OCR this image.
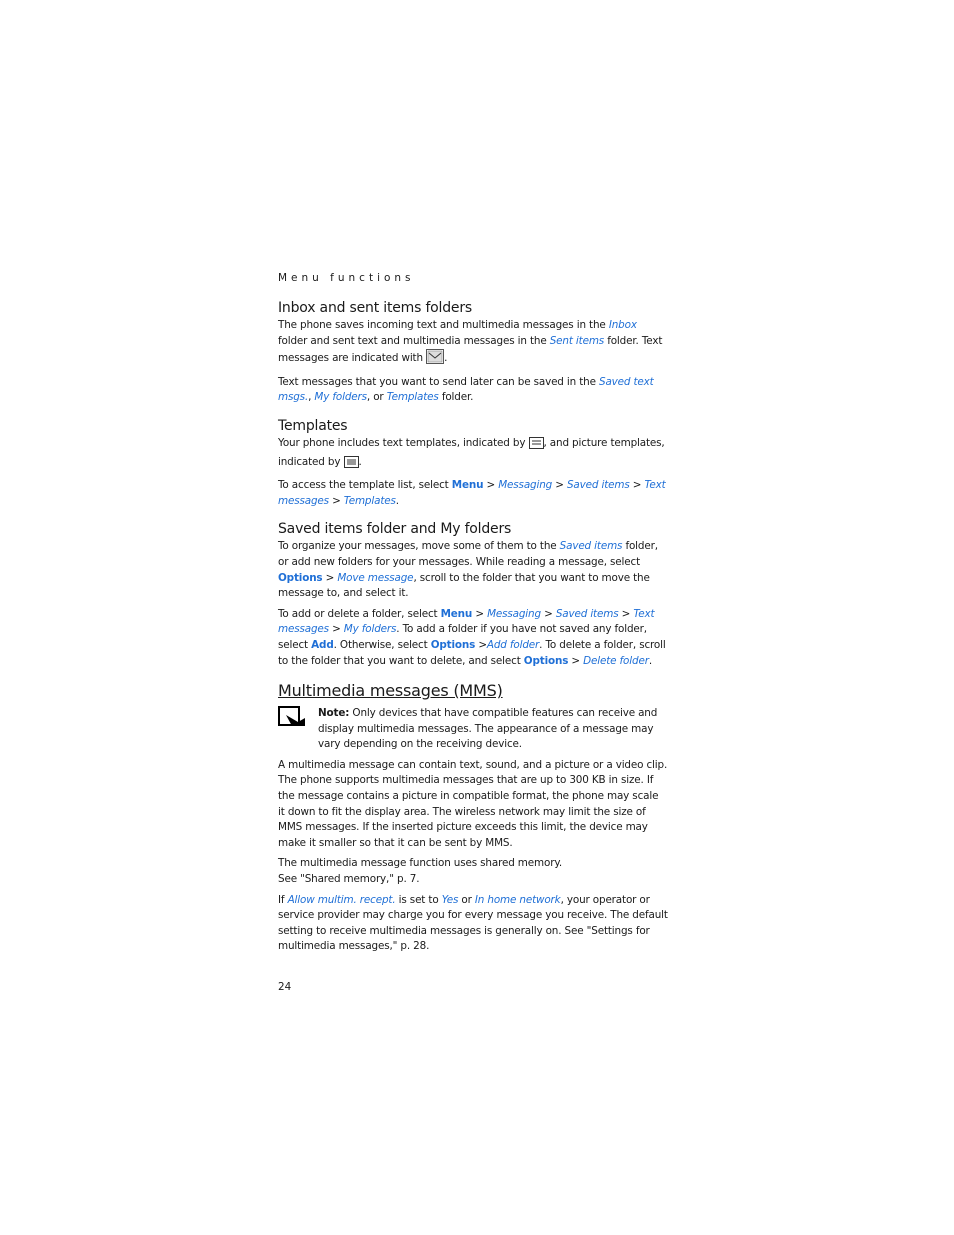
Menu functions
Inbox and sent items folders

The phone saves incoming text and multimedia messages in the Inbox folder and sent text and multimedia messages in the Sent items folder. Text messages are indicated with .

Text messages that you want to send later can be saved in the Saved text msgs., My folders, or Templates folder.

Templates

Your phone includes text templates, indicated by , and picture templates, indicated by .

To access the template list, select Menu > Messaging > Saved items > Text messages > Templates.

Saved items folder and My folders

To organize your messages, move some of them to the Saved items folder, or add new folders for your messages. While reading a message, select Options > Move message, scroll to the folder that you want to move the message to, and select it.

To add or delete a folder, select Menu > Messaging > Saved items > Text messages > My folders. To add a folder if you have not saved any folder, select Add. Otherwise, select Options >Add folder. To delete a folder, scroll to the folder that you want to delete, and select Options > Delete folder.

Multimedia messages (MMS)

Note: Only devices that have compatible features can receive and display multimedia messages. The appearance of a message may vary depending on the receiving device.

A multimedia message can contain text, sound, and a picture or a video clip. The phone supports multimedia messages that are up to 300 KB in size. If the message contains a picture in compatible format, the phone may scale it down to fit the display area. The wireless network may limit the size of MMS messages. If the inserted picture exceeds this limit, the device may make it smaller so that it can be sent by MMS.

The multimedia message function uses shared memory.
See "Shared memory," p. 7.

If Allow multim. recept. is set to Yes or In home network, your operator or service provider may charge you for every message you receive. The default setting to receive multimedia messages is generally on. See "Settings for multimedia messages," p. 28.

24
